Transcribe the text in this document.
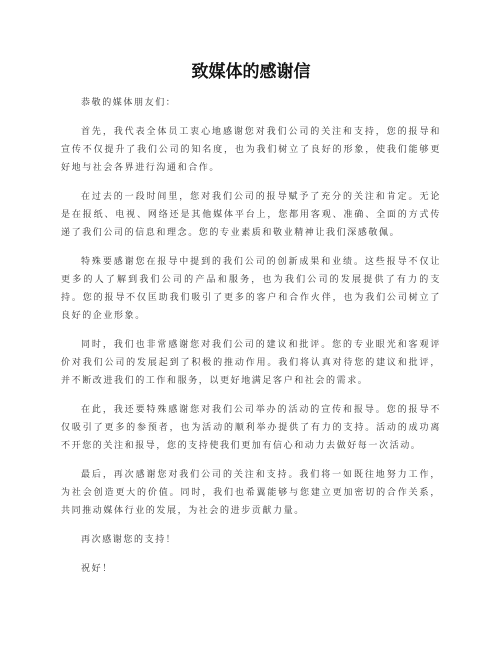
致媒体的感谢信

恭敬的媒体朋友们：

首先，我代表全体员工衷心地感谢您对我们公司的关注和支持，您的报导和宣传不仅提升了我们公司的知名度，也为我们树立了良好的形象，使我们能够更好地与社会各界进行沟通和合作。

在过去的一段时间里，您对我们公司的报导赋予了充分的关注和肯定。无论是在报纸、电视、网络还是其他媒体平台上，您都用客观、准确、全面的方式传递了我们公司的信息和理念。您的专业素质和敬业精神让我们深感敬佩。

特殊要感谢您在报导中提到的我们公司的创新成果和业绩。这些报导不仅让更多的人了解到我们公司的产品和服务，也为我们公司的发展提供了有力的支持。您的报导不仅匡助我们吸引了更多的客户和合作火伴，也为我们公司树立了良好的企业形象。

同时，我们也非常感谢您对我们公司的建议和批评。您的专业眼光和客观评价对我们公司的发展起到了积极的推动作用。我们将认真对待您的建议和批评，并不断改进我们的工作和服务，以更好地满足客户和社会的需求。

在此，我还要特殊感谢您对我们公司举办的活动的宣传和报导。您的报导不仅吸引了更多的参预者，也为活动的顺利举办提供了有力的支持。活动的成功离不开您的关注和报导，您的支持使我们更加有信心和动力去做好每一次活动。

最后，再次感谢您对我们公司的关注和支持。我们将一如既往地努力工作，为社会创造更大的价值。同时，我们也希翼能够与您建立更加密切的合作关系，共同推动媒体行业的发展，为社会的进步贡献力量。

再次感谢您的支持！

祝好！
